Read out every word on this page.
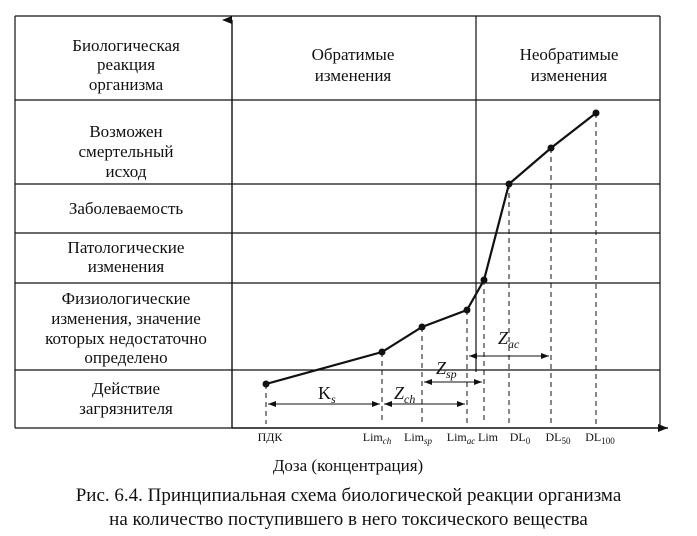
Биологическая
реакция
организма
Обратимые
изменения
Необратимые
изменения
Возможен
смертельный
исход
Заболеваемость
Патологические
изменения
Физиологические
изменения, значение
которых недостаточно
определено
Действие
загрязнителя
$K_s$	$Z_{ch}$
$Z_{sp}$
$Z_{ac}$
ПДК	Lim$_{ch}$ Lim$_{sp}$ Lim$_{ac}$ Lim $DL_0$ $DL_{50}$ $DL_{100}$
Доза (концентрация)
Рис. 6.4. Принципиальная схема биологической реакции организма
на количество поступившего в него токсического вещества
